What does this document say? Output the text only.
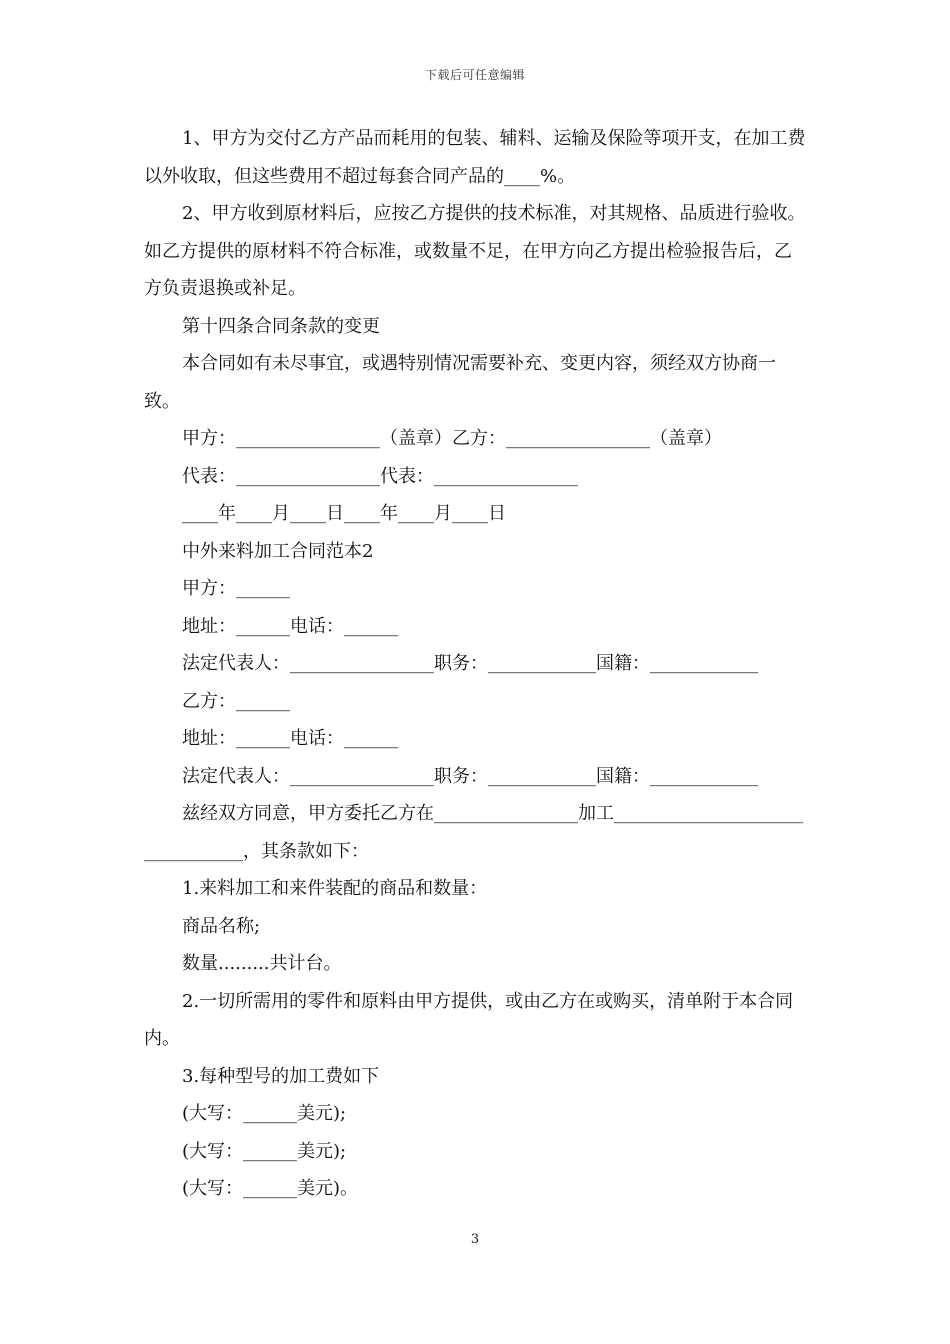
下载后可任意编辑

1、甲方为交付乙方产品而耗用的包装、辅料、运输及保险等项开支，在加工费以外收取，但这些费用不超过每套合同产品的____%。

2、甲方收到原材料后，应按乙方提供的技术标准，对其规格、品质进行验收。如乙方提供的原材料不符合标准，或数量不足，在甲方向乙方提出检验报告后，乙方负责退换或补足。

第十四条合同条款的变更

本合同如有未尽事宜，或遇特别情况需要补充、变更内容，须经双方协商一致。

甲方：________________（盖章）乙方：________________（盖章）

代表：________________代表：________________

____年____月____日____年____月____日

中外来料加工合同范本2

甲方：______

地址：______电话：______

法定代表人：________________职务：____________国籍：____________

乙方：______

地址：______电话：______

法定代表人：________________职务：____________国籍：____________

兹经双方同意，甲方委托乙方在________________加工________________________________，其条款如下：

1.来料加工和来件装配的商品和数量：

商品名称;

数量.........共计台。

2.一切所需用的零件和原料由甲方提供，或由乙方在或购买，清单附于本合同内。

3.每种型号的加工费如下

(大写：______美元);

(大写：______美元);

(大写：______美元)。

3
